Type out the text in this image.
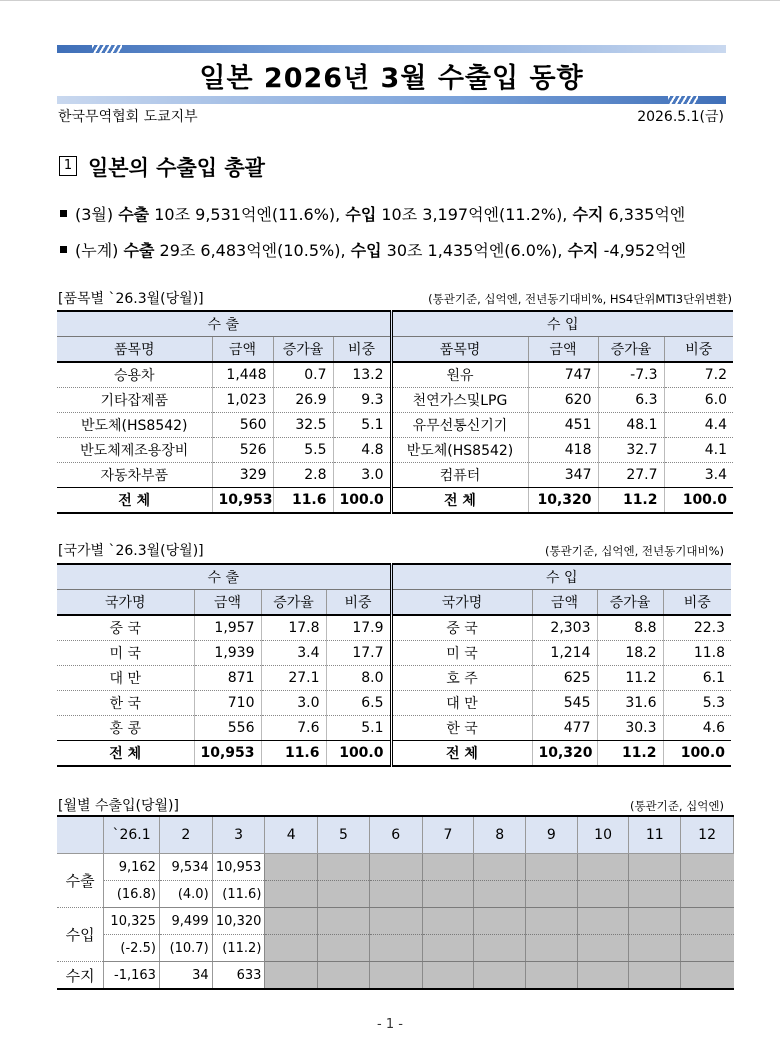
일본 2026년 3월 수출입 동향
한국무역협회 도쿄지부	2026.5.1(금)
1 일본의 수출입 총괄
(3월) 수출 10조 9,531억엔(11.6%), 수입 10조 3,197억엔(11.2%), 수지 6,335억엔
(누계) 수출 29조 6,483억엔(10.5%), 수입 30조 1,435억엔(6.0%), 수지 -4,952억엔
[품목별 `26.3월(당월)]	(통관기준, 십억엔, 전년동기대비%, HS4단위MTI3단위변환)
수 출				수 입			
품목명	금액	증가율	비중	품목명	금액	증가율	비중
승용차	1,448	0.7	13.2	원유	747	-7.3	7.2
기타잡제품	1,023	26.9	9.3	천연가스및LPG	620	6.3	6.0
반도체(HS8542)	560	32.5	5.1	유무선통신기기	451	48.1	4.4
반도체제조용장비	526	5.5	4.8	반도체(HS8542)	418	32.7	4.1
자동차부품	329	2.8	3.0	컴퓨터	347	27.7	3.4
전 체	10,953	11.6	100.0	전 체	10,320	11.2	100.0
[국가별 `26.3월(당월)]	(통관기준, 십억엔, 전년동기대비%)
수 출				수 입			
국가명	금액	증가율	비중	국가명	금액	증가율	비중
중 국	1,957	17.8	17.9	중 국	2,303	8.8	22.3
미 국	1,939	3.4	17.7	미 국	1,214	18.2	11.8
대 만	871	27.1	8.0	호 주	625	11.2	6.1
한 국	710	3.0	6.5	대 만	545	31.6	5.3
홍 콩	556	7.6	5.1	한 국	477	30.3	4.6
전 체	10,953	11.6	100.0	전 체	10,320	11.2	100.0
[월별 수출입(당월)]	(통관기준, 십억엔)
	`26.1	2	3	4	5	6	7	8	9	10	11	12
수출	9,162	9,534	10,953									
	(16.8)	(4.0)	(11.6)									
수입	10,325	9,499	10,320									
	(-2.5)	(10.7)	(11.2)									
수지	-1,163	34	633									
- 1 -
